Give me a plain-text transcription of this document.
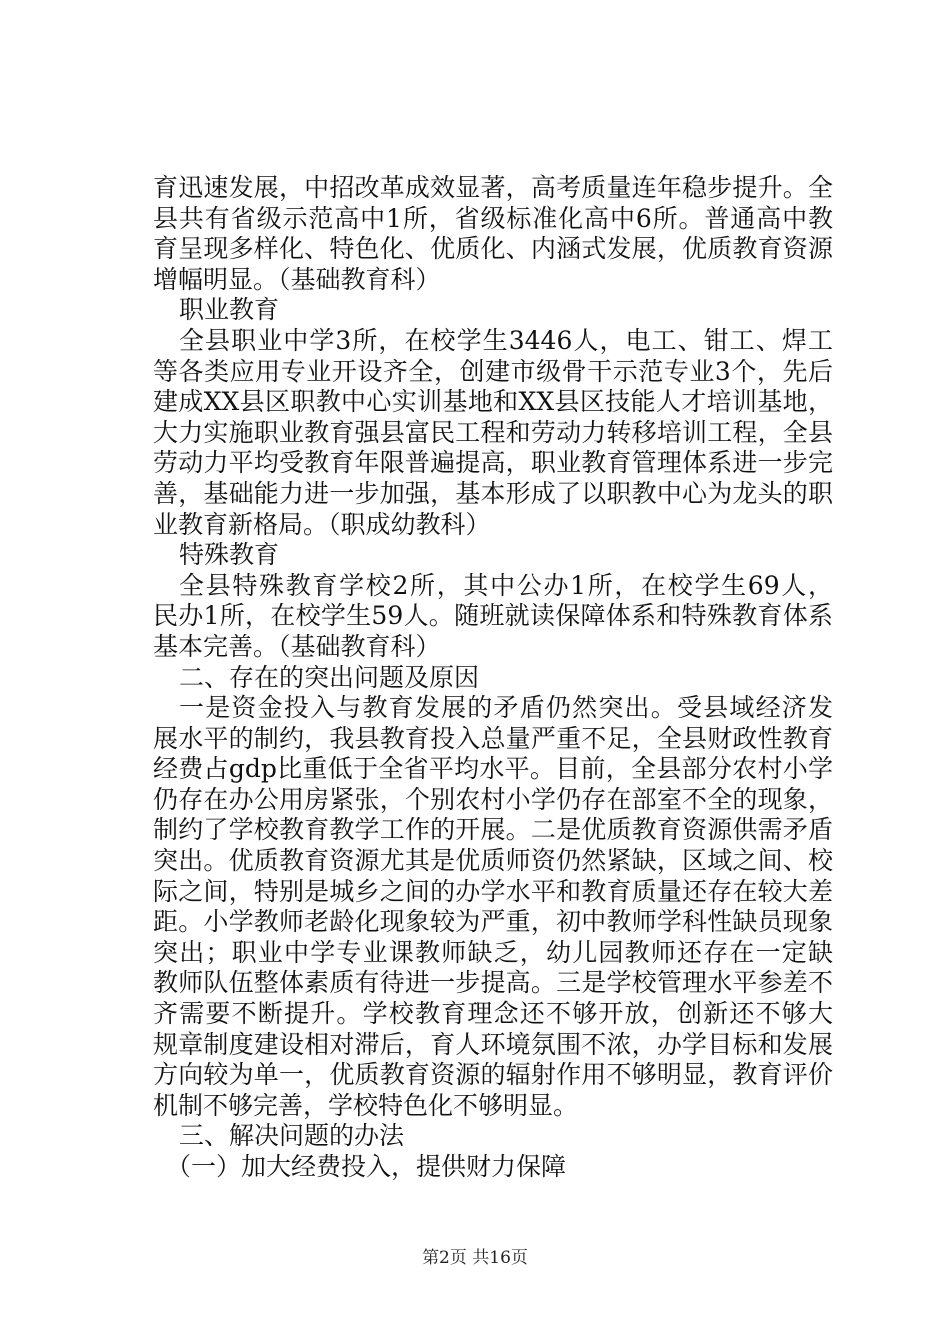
育迅速发展，中招改革成效显著，高考质量连年稳步提升。全
县共有省级示范高中1所，省级标准化高中6所。普通高中教
育呈现多样化、特色化、优质化、内涵式发展，优质教育资源
增幅明显。（基础教育科）
职业教育
全县职业中学3所，在校学生3446人，电工、钳工、焊工
等各类应用专业开设齐全，创建市级骨干示范专业3个，先后
建成XX县区职教中心实训基地和XX县区技能人才培训基地，
大力实施职业教育强县富民工程和劳动力转移培训工程，全县
劳动力平均受教育年限普遍提高，职业教育管理体系进一步完
善，基础能力进一步加强，基本形成了以职教中心为龙头的职
业教育新格局。（职成幼教科）
特殊教育
全县特殊教育学校2所，其中公办1所，在校学生69人，
民办1所，在校学生59人。随班就读保障体系和特殊教育体系
基本完善。（基础教育科）
二、存在的突出问题及原因
一是资金投入与教育发展的矛盾仍然突出。受县域经济发
展水平的制约，我县教育投入总量严重不足，全县财政性教育
经费占gdp比重低于全省平均水平。目前，全县部分农村小学
仍存在办公用房紧张，个别农村小学仍存在部室不全的现象，
制约了学校教育教学工作的开展。二是优质教育资源供需矛盾
突出。优质教育资源尤其是优质师资仍然紧缺，区域之间、校
际之间，特别是城乡之间的办学水平和教育质量还存在较大差
距。小学教师老龄化现象较为严重，初中教师学科性缺员现象
突出；职业中学专业课教师缺乏，幼儿园教师还存在一定缺
教师队伍整体素质有待进一步提高。三是学校管理水平参差不
齐需要不断提升。学校教育理念还不够开放，创新还不够大
规章制度建设相对滞后，育人环境氛围不浓，办学目标和发展
方向较为单一，优质教育资源的辐射作用不够明显，教育评价
机制不够完善，学校特色化不够明显。
三、解决问题的办法
（一）加大经费投入，提供财力保障
第2页 共16页
